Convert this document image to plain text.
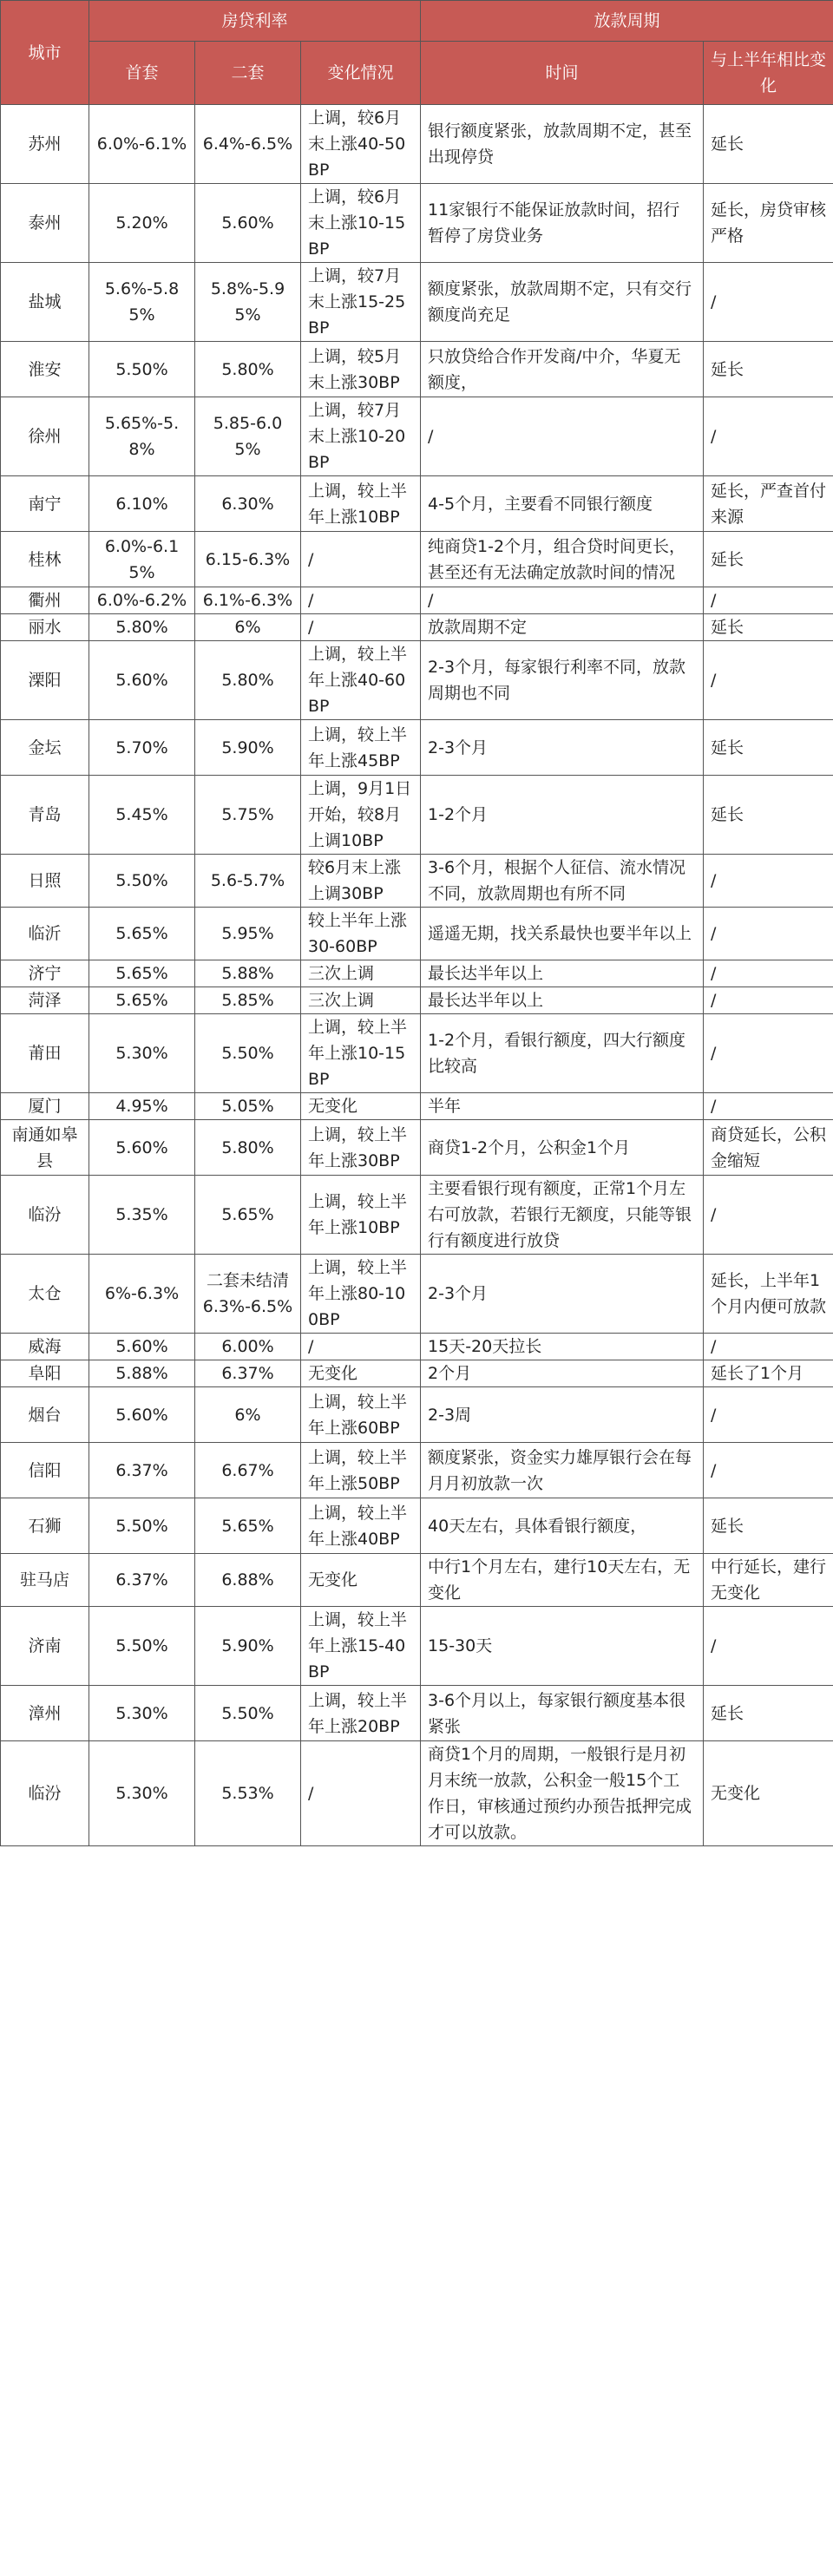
城市	房贷利率			放款周期	
	首套	二套	变化情况	时间	与上半年相比变化
苏州	6.0%-6.1%	6.4%-6.5%	上调，较6月末上涨40-50BP	银行额度紧张，放款周期不定，甚至出现停贷	延长
泰州	5.20%	5.60%	上调，较6月末上涨10-15BP	11家银行不能保证放款时间，招行暂停了房贷业务	延长，房贷审核严格
盐城	5.6%-5.85%	5.8%-5.95%	上调，较7月末上涨15-25BP	额度紧张，放款周期不定，只有交行额度尚充足	/
淮安	5.50%	5.80%	上调，较5月末上涨30BP	只放贷给合作开发商/中介，华夏无额度，	延长
徐州	5.65%-5.8%	5.85-6.05%	上调，较7月末上涨10-20BP	/	/
南宁	6.10%	6.30%	上调，较上半年上涨10BP	4-5个月，主要看不同银行额度	延长，严查首付来源
桂林	6.0%-6.15%	6.15-6.3%	/	纯商贷1-2个月，组合贷时间更长，甚至还有无法确定放款时间的情况	延长
衢州	6.0%-6.2%	6.1%-6.3%	/	/	/
丽水	5.80%	6%	/	放款周期不定	延长
溧阳	5.60%	5.80%	上调，较上半年上涨40-60BP	2-3个月，每家银行利率不同，放款周期也不同	/
金坛	5.70%	5.90%	上调，较上半年上涨45BP	2-3个月	延长
青岛	5.45%	5.75%	上调，9月1日开始，较8月上调10BP	1-2个月	延长
日照	5.50%	5.6-5.7%	较6月末上涨上调30BP	3-6个月，根据个人征信、流水情况不同，放款周期也有所不同	/
临沂	5.65%	5.95%	较上半年上涨30-60BP	遥遥无期，找关系最快也要半年以上	/
济宁	5.65%	5.88%	三次上调	最长达半年以上	/
菏泽	5.65%	5.85%	三次上调	最长达半年以上	/
莆田	5.30%	5.50%	上调，较上半年上涨10-15BP	1-2个月，看银行额度，四大行额度比较高	/
厦门	4.95%	5.05%	无变化	半年	/
南通如皋县	5.60%	5.80%	上调，较上半年上涨30BP	商贷1-2个月，公积金1个月	商贷延长，公积金缩短
临汾	5.35%	5.65%	上调，较上半年上涨10BP	主要看银行现有额度，正常1个月左右可放款，若银行无额度，只能等银行有额度进行放贷	/
太仓	6%-6.3%	二套未结清6.3%-6.5%	上调，较上半年上涨80-100BP	2-3个月	延长，上半年1个月内便可放款
威海	5.60%	6.00%	/	15天-20天拉长	/
阜阳	5.88%	6.37%	无变化	2个月	延长了1个月
烟台	5.60%	6%	上调，较上半年上涨60BP	2-3周	/
信阳	6.37%	6.67%	上调，较上半年上涨50BP	额度紧张，资金实力雄厚银行会在每月月初放款一次	/
石狮	5.50%	5.65%	上调，较上半年上涨40BP	40天左右，具体看银行额度，	延长
驻马店	6.37%	6.88%	无变化	中行1个月左右，建行10天左右，无变化	中行延长，建行无变化
济南	5.50%	5.90%	上调，较上半年上涨15-40BP	15-30天	/
漳州	5.30%	5.50%	上调，较上半年上涨20BP	3-6个月以上，每家银行额度基本很紧张	延长
临汾	5.30%	5.53%	/	商贷1个月的周期，一般银行是月初月末统一放款，公积金一般15个工作日，审核通过预约办预告抵押完成才可以放款。	无变化
